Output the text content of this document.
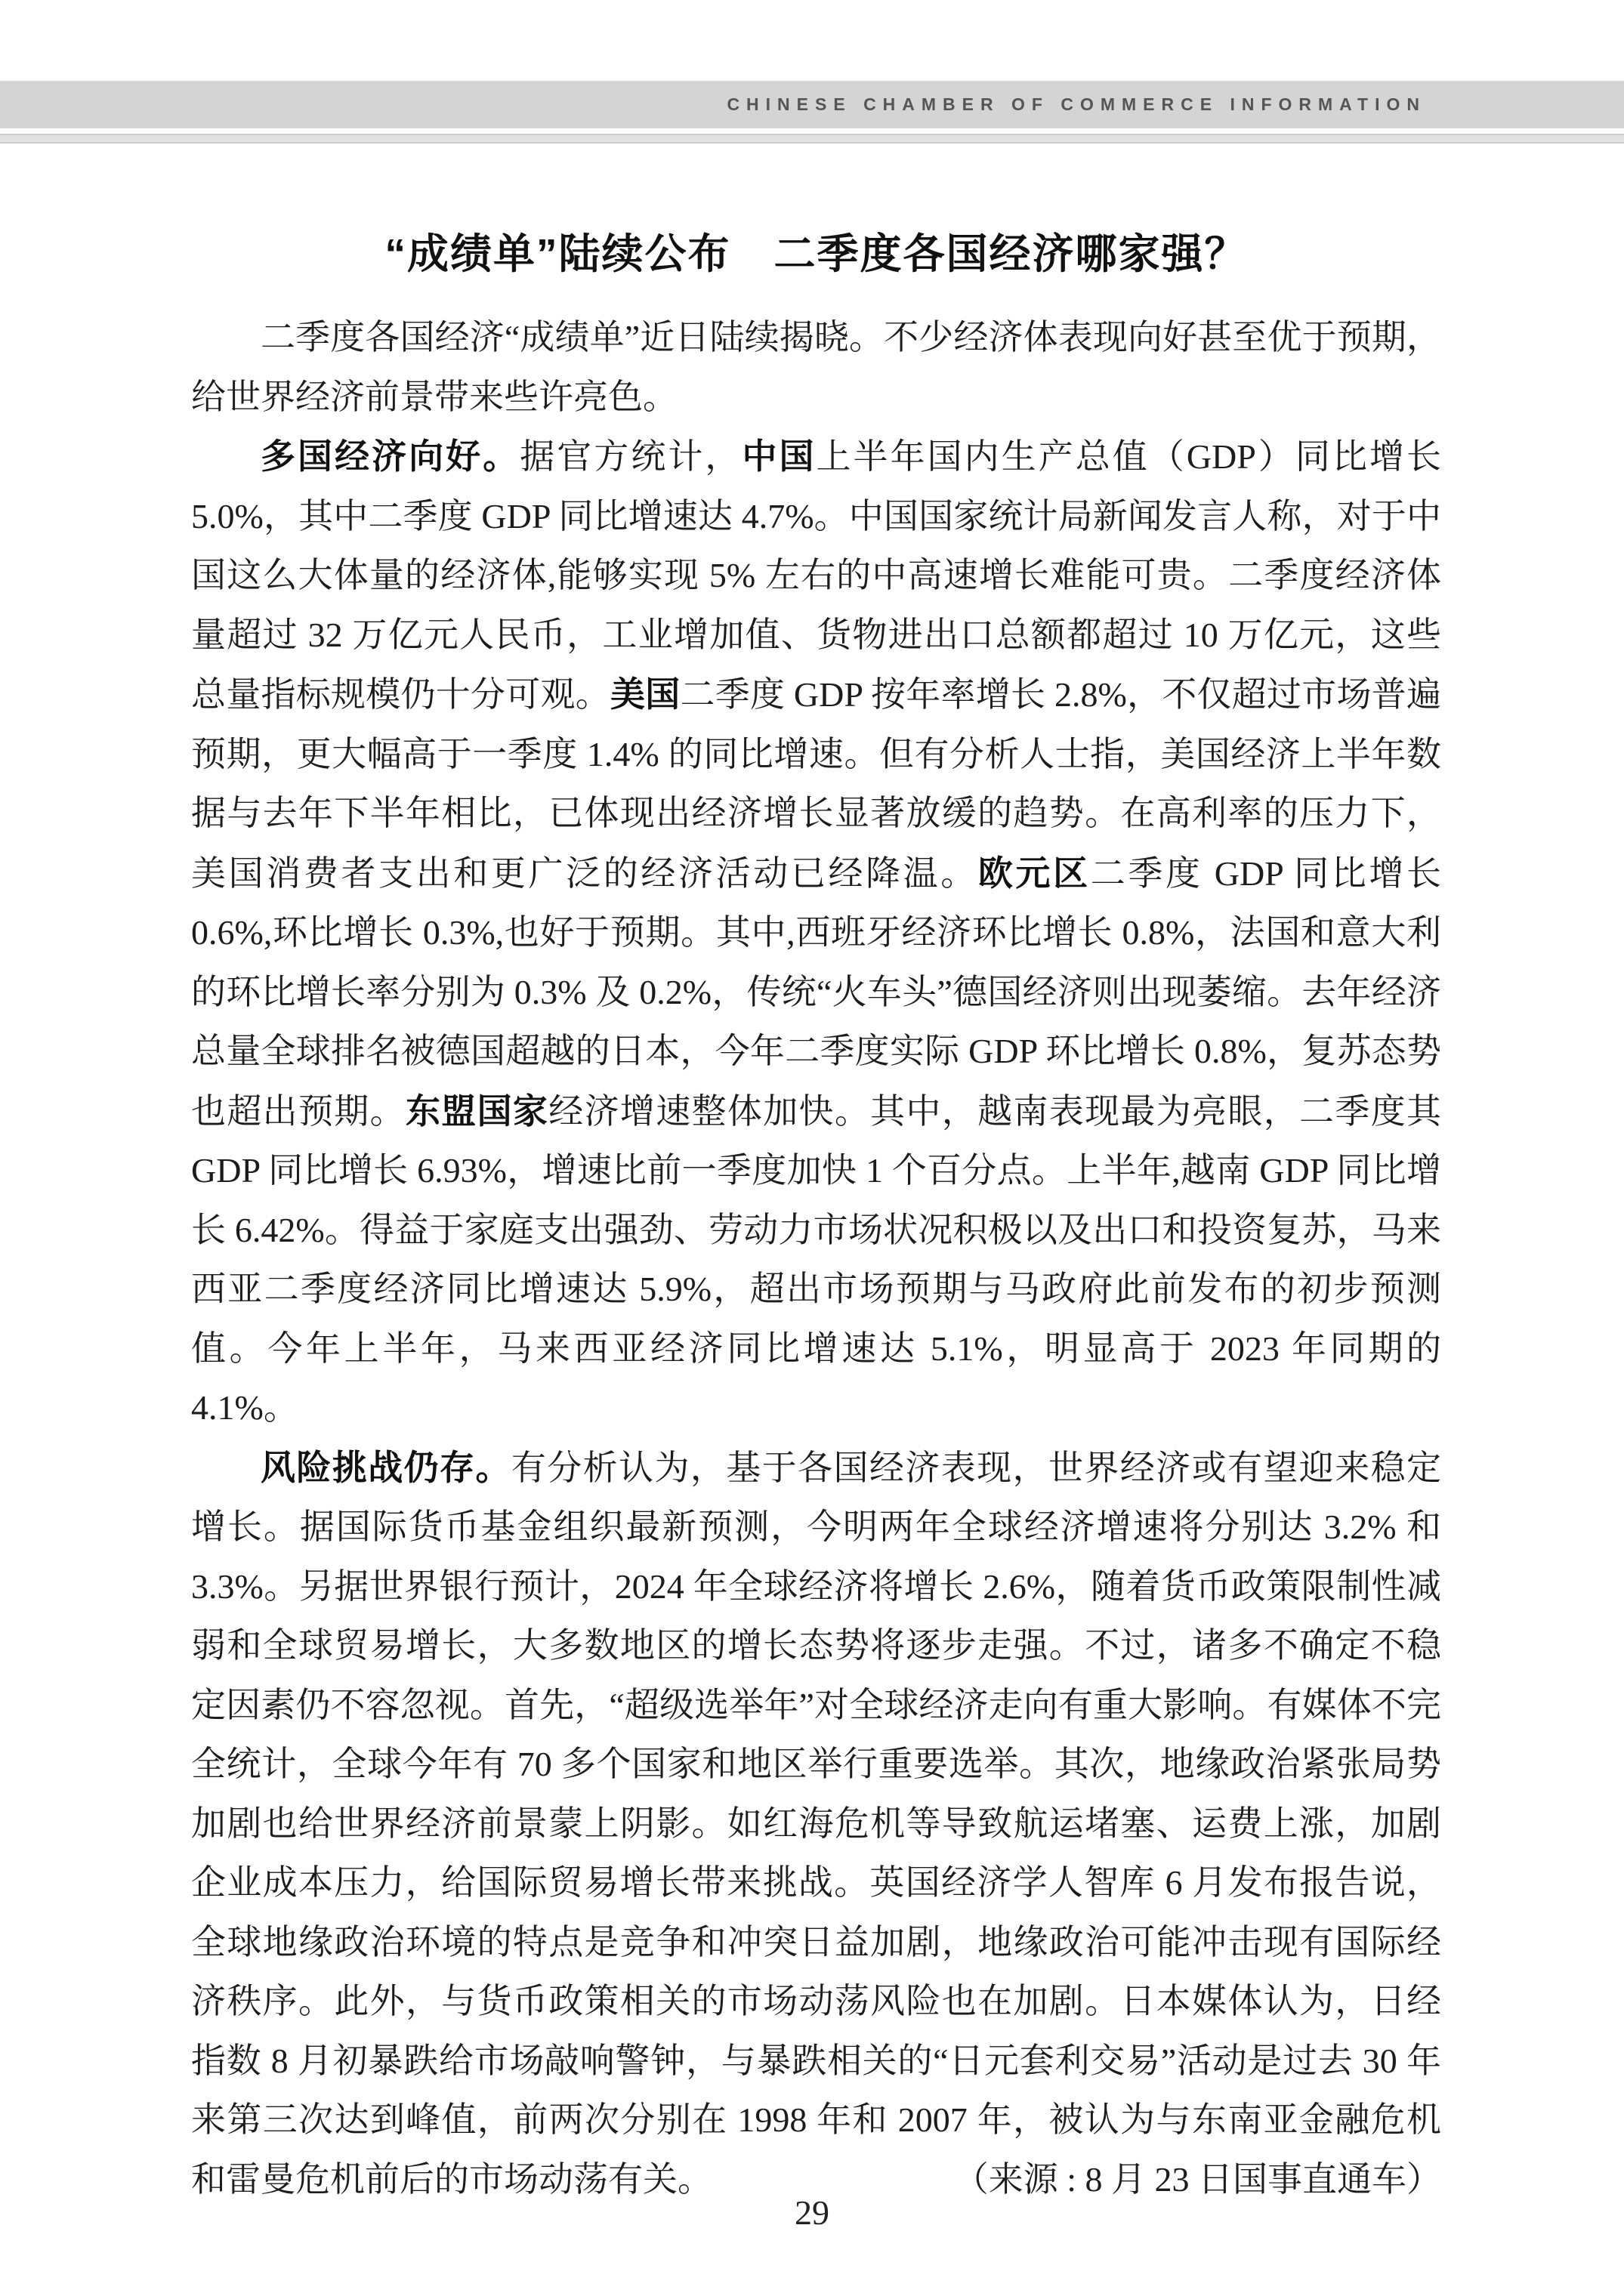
CHINESE CHAMBER OF COMMERCE INFORMATION
“成绩单”陆续公布　二季度各国经济哪家强？

二季度各国经济“成绩单”近日陆续揭晓。不少经济体表现向好甚至优于预期，给世界经济前景带来些许亮色。

多国经济向好。据官方统计，中国上半年国内生产总值（GDP）同比增长 5.0%，其中二季度 GDP 同比增速达 4.7%。中国国家统计局新闻发言人称，对于中国这么大体量的经济体,能够实现 5% 左右的中高速增长难能可贵。二季度经济体量超过 32 万亿元人民币，工业增加值、货物进出口总额都超过 10 万亿元，这些总量指标规模仍十分可观。美国二季度 GDP 按年率增长 2.8%，不仅超过市场普遍预期，更大幅高于一季度 1.4% 的同比增速。但有分析人士指，美国经济上半年数据与去年下半年相比，已体现出经济增长显著放缓的趋势。在高利率的压力下，美国消费者支出和更广泛的经济活动已经降温。欧元区二季度 GDP 同比增长 0.6%,环比增长 0.3%,也好于预期。其中,西班牙经济环比增长 0.8%，法国和意大利的环比增长率分别为 0.3% 及 0.2%，传统“火车头”德国经济则出现萎缩。去年经济总量全球排名被德国超越的日本，今年二季度实际 GDP 环比增长 0.8%，复苏态势也超出预期。东盟国家经济增速整体加快。其中，越南表现最为亮眼，二季度其 GDP 同比增长 6.93%，增速比前一季度加快 1 个百分点。上半年,越南 GDP 同比增长 6.42%。得益于家庭支出强劲、劳动力市场状况积极以及出口和投资复苏，马来西亚二季度经济同比增速达 5.9%，超出市场预期与马政府此前发布的初步预测值。今年上半年，马来西亚经济同比增速达 5.1%，明显高于 2023 年同期的 4.1%。

风险挑战仍存。有分析认为，基于各国经济表现，世界经济或有望迎来稳定增长。据国际货币基金组织最新预测，今明两年全球经济增速将分别达 3.2% 和 3.3%。另据世界银行预计，2024 年全球经济将增长 2.6%，随着货币政策限制性减弱和全球贸易增长，大多数地区的增长态势将逐步走强。不过，诸多不确定不稳定因素仍不容忽视。首先，“超级选举年”对全球经济走向有重大影响。有媒体不完全统计，全球今年有 70 多个国家和地区举行重要选举。其次，地缘政治紧张局势加剧也给世界经济前景蒙上阴影。如红海危机等导致航运堵塞、运费上涨，加剧企业成本压力，给国际贸易增长带来挑战。英国经济学人智库 6 月发布报告说，全球地缘政治环境的特点是竞争和冲突日益加剧，地缘政治可能冲击现有国际经济秩序。此外，与货币政策相关的市场动荡风险也在加剧。日本媒体认为，日经指数 8 月初暴跌给市场敲响警钟，与暴跌相关的“日元套利交易”活动是过去 30 年来第三次达到峰值，前两次分别在 1998 年和 2007 年，被认为与东南亚金融危机和雷曼危机前后的市场动荡有关。	（来源 : 8 月 23 日国事直通车）

29
